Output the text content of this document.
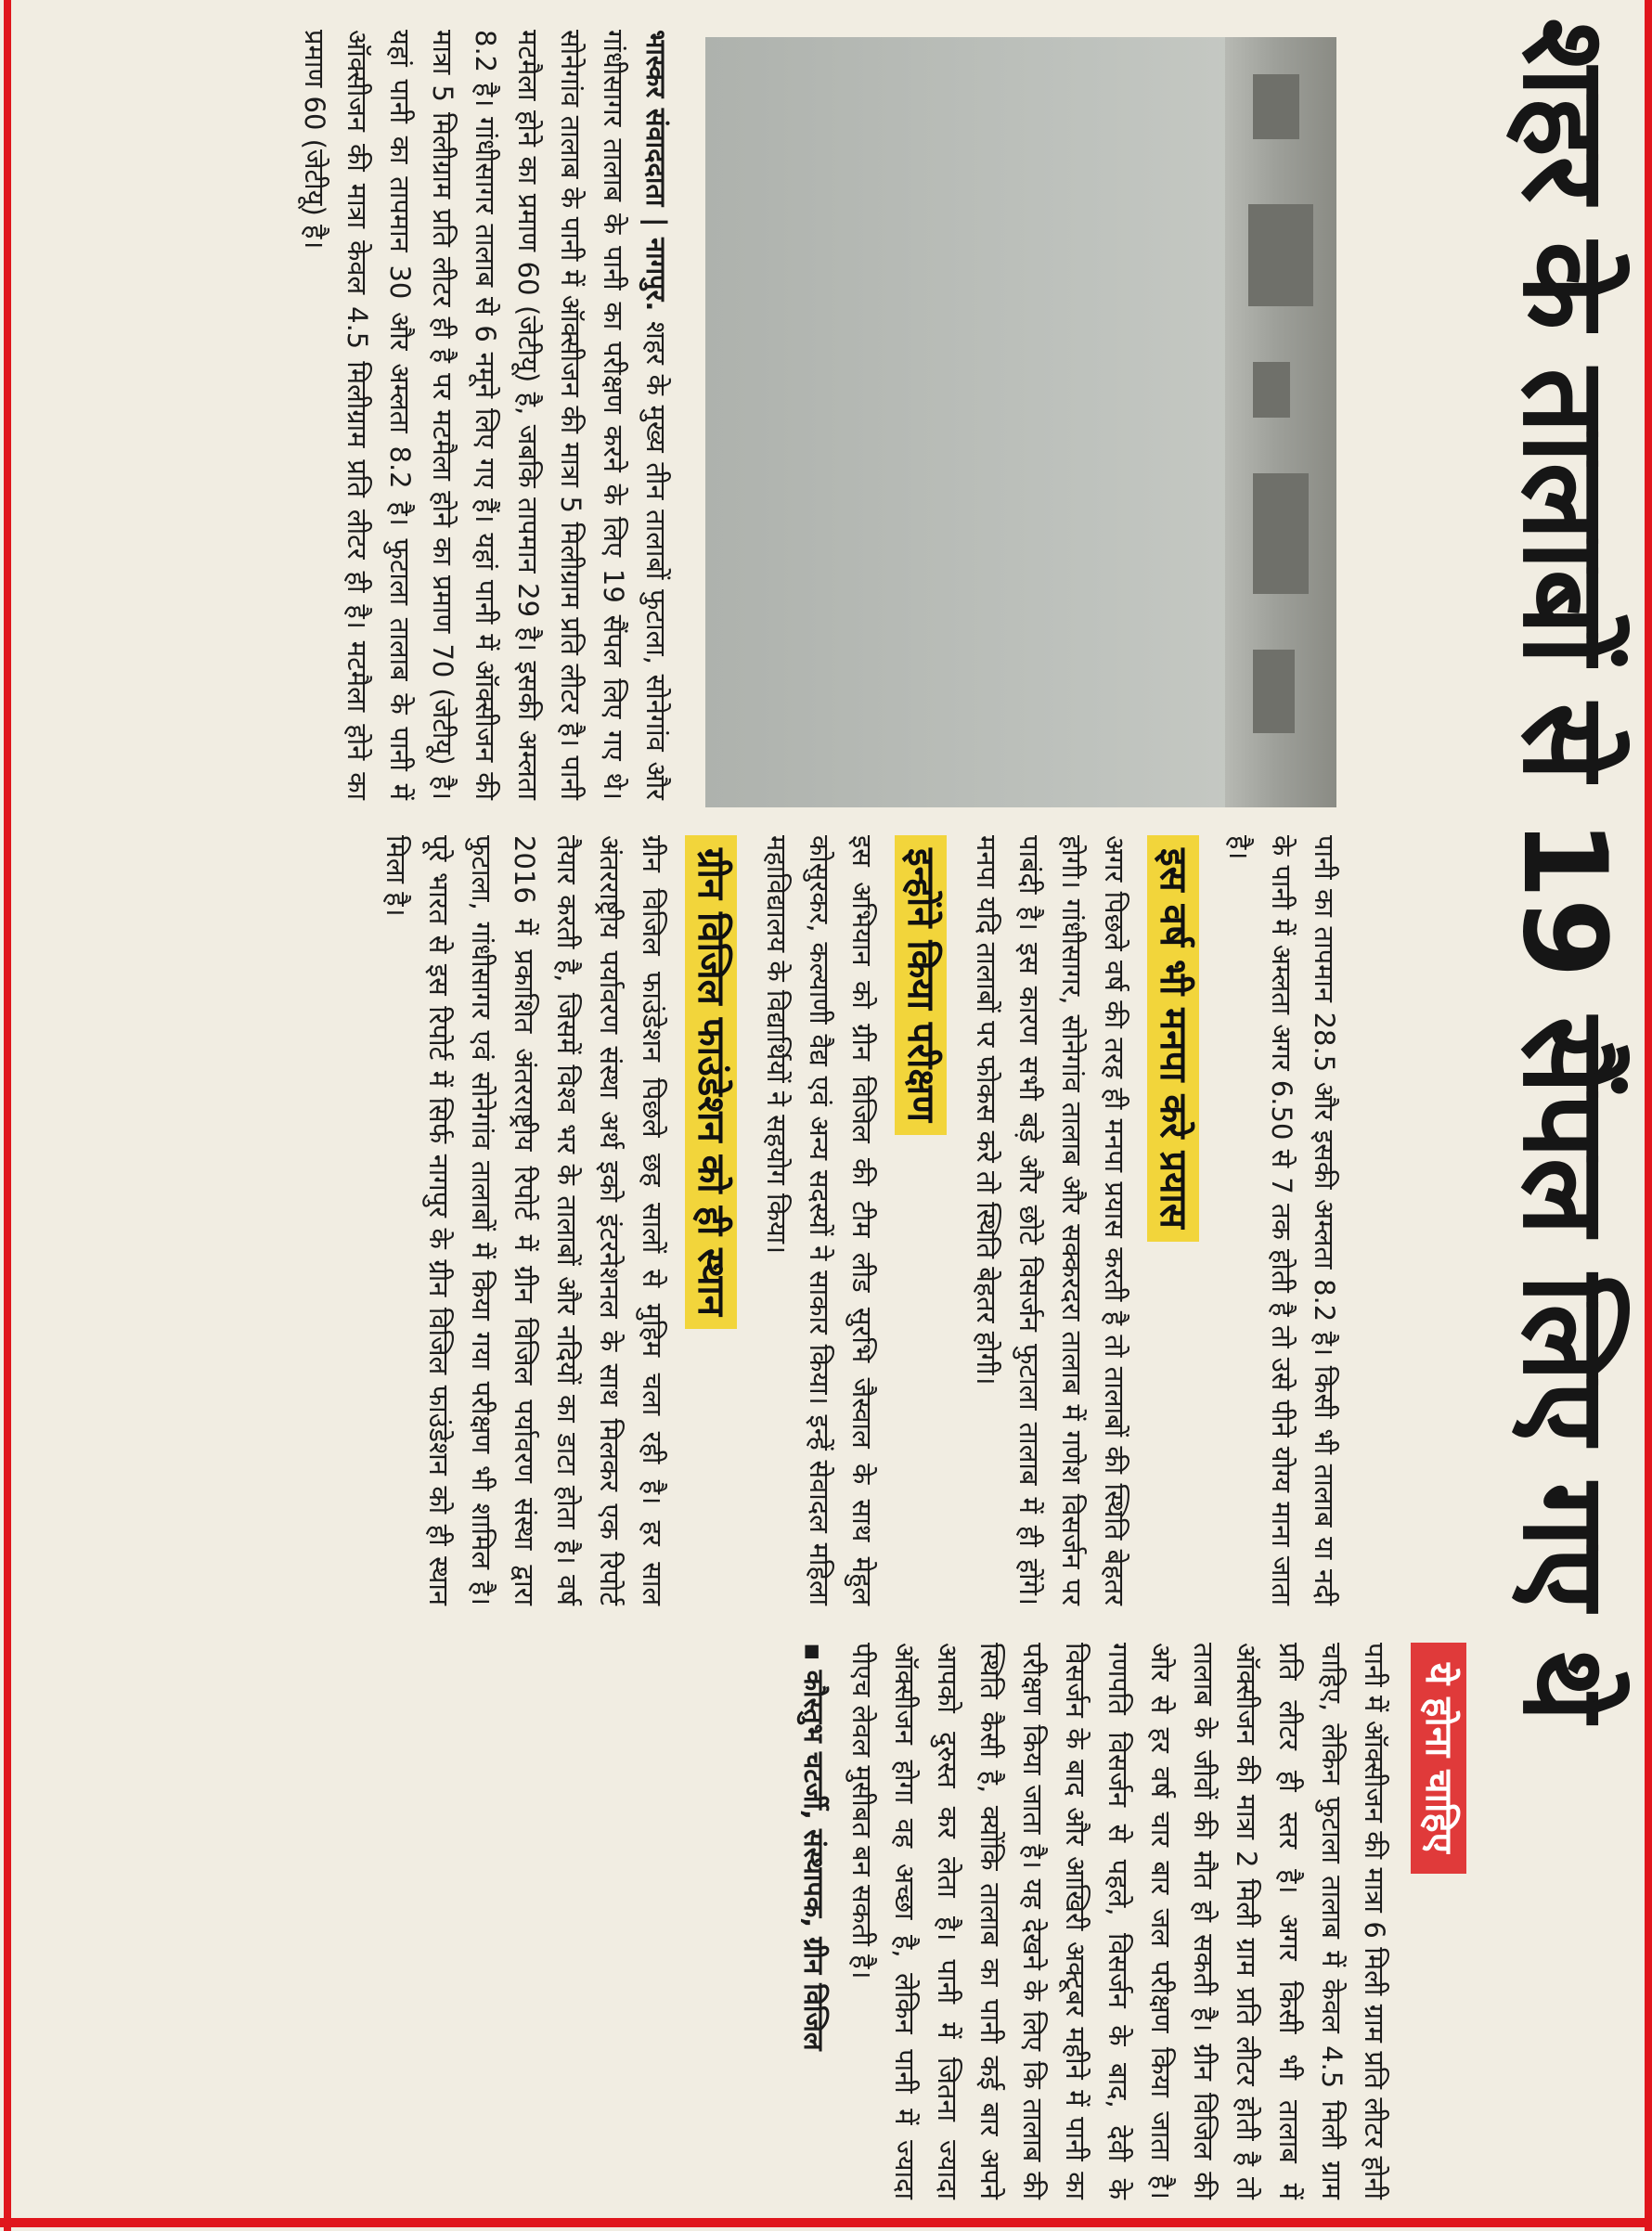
शहर के तालाबों से 19 सैंपल लिए गए थे

भास्कर संवाददाता | नागपुर. शहर के मुख्य तीन तालाबों फुटाला, सोनेगांव और गांधीसागर तालाब के पानी का परीक्षण करने के लिए 19 सैंपल लिए गए थे। सोनेगांव तालाब के पानी में ऑक्सीजन की मात्रा 5 मिलीग्राम प्रति लीटर है। पानी मटमैला होने का प्रमाण 60 (जेटीयू) है, जबकि तापमान 29 है। इसकी अम्लता 8.2 है। गांधीसागर तालाब से 6 नमूने लिए गए हैं। यहां पानी में ऑक्सीजन की मात्रा 5 मिलीग्राम प्रति लीटर ही है पर मटमैला होने का प्रमाण 70 (जेटीयू) है। यहां पानी का तापमान 30 और अम्लता 8.2 है। फुटाला तालाब के पानी में ऑक्सीजन की मात्रा केवल 4.5 मिलीग्राम प्रति लीटर ही है। मटमैला होने का प्रमाण 60 (जेटीयू) है।

पानी का तापमान 28.5 और इसकी अम्लता 8.2 है। किसी भी तालाब या नदी के पानी में अम्लता अगर 6.50 से 7 तक होती है तो उसे पीने योग्य माना जाता है।

इस वर्ष भी मनपा करे प्रयास

अगर पिछले वर्ष की तरह ही मनपा प्रयास करती है तो तालाबों की स्थिति बेहतर होगी। गांधीसागर, सोनेगांव तालाब और सक्करदरा तालाब में गणेश विसर्जन पर पाबंदी है। इस कारण सभी बड़े और छोटे विसर्जन फुटाला तालाब में ही होंगे। मनपा यदि तालाबों पर फोकस करे तो स्थिति बेहतर होगी।

इन्होंने किया परीक्षण

इस अभियान को ग्रीन विजिल की टीम लीड सुरभि जैस्वाल के साथ मेहुल कोसुरकर, कल्याणी वैद्य एवं अन्य सदस्यों ने साकार किया। इन्हें सेवादल महिला महाविद्यालय के विद्यार्थियों ने सहयोग किया।

ग्रीन विजिल फाउंडेशन को ही स्थान

ग्रीन विजिल फाउंडेशन पिछले छह सालों से मुहिम चला रही है। हर साल अंतरराष्ट्रीय पर्यावरण संस्था अर्थ इको इंटरनेशनल के साथ मिलकर एक रिपोर्ट तैयार करती है, जिसमें विश्व भर के तालाबों और नदियों का डाटा होता है। वर्ष 2016 में प्रकाशित अंतरराष्ट्रीय रिपोर्ट में ग्रीन विजिल पर्यावरण संस्था द्वारा फुटाला, गांधीसागर एवं सोनेगांव तालाबों में किया गया परीक्षण भी शामिल है। पूरे भारत से इस रिपोर्ट में सिर्फ नागपुर के ग्रीन विजिल फाउंडेशन को ही स्थान मिला है।

ये होना चाहिए

पानी में ऑक्सीजन की मात्रा 6 मिली ग्राम प्रति लीटर होनी चाहिए, लेकिन फुटाला तालाब में केवल 4.5 मिली ग्राम प्रति लीटर ही स्तर है। अगर किसी भी तालाब में ऑक्सीजन की मात्रा 2 मिली ग्राम प्रति लीटर होती है तो तालाब के जीवों की मौत हो सकती है। ग्रीन विजिल की ओर से हर वर्ष चार बार जल परीक्षण किया जाता है। गणपति विसर्जन से पहले, विसर्जन के बाद, देवी के विसर्जन के बाद और आखिरी अक्टूबर महीने में पानी का परीक्षण किया जाता है। यह देखने के लिए कि तालाब की स्थिति कैसी है, क्योंकि तालाब का पानी कई बार अपने आपको दुरुस्त कर लेता है। पानी में जितना ज्यादा ऑक्सीजन होगा वह अच्छा है, लेकिन पानी में ज्यादा पीएच लेवल मुसीबत बन सकती है।

▪ कौस्तुभ चटर्जी, संस्थापक, ग्रीन विजिल
